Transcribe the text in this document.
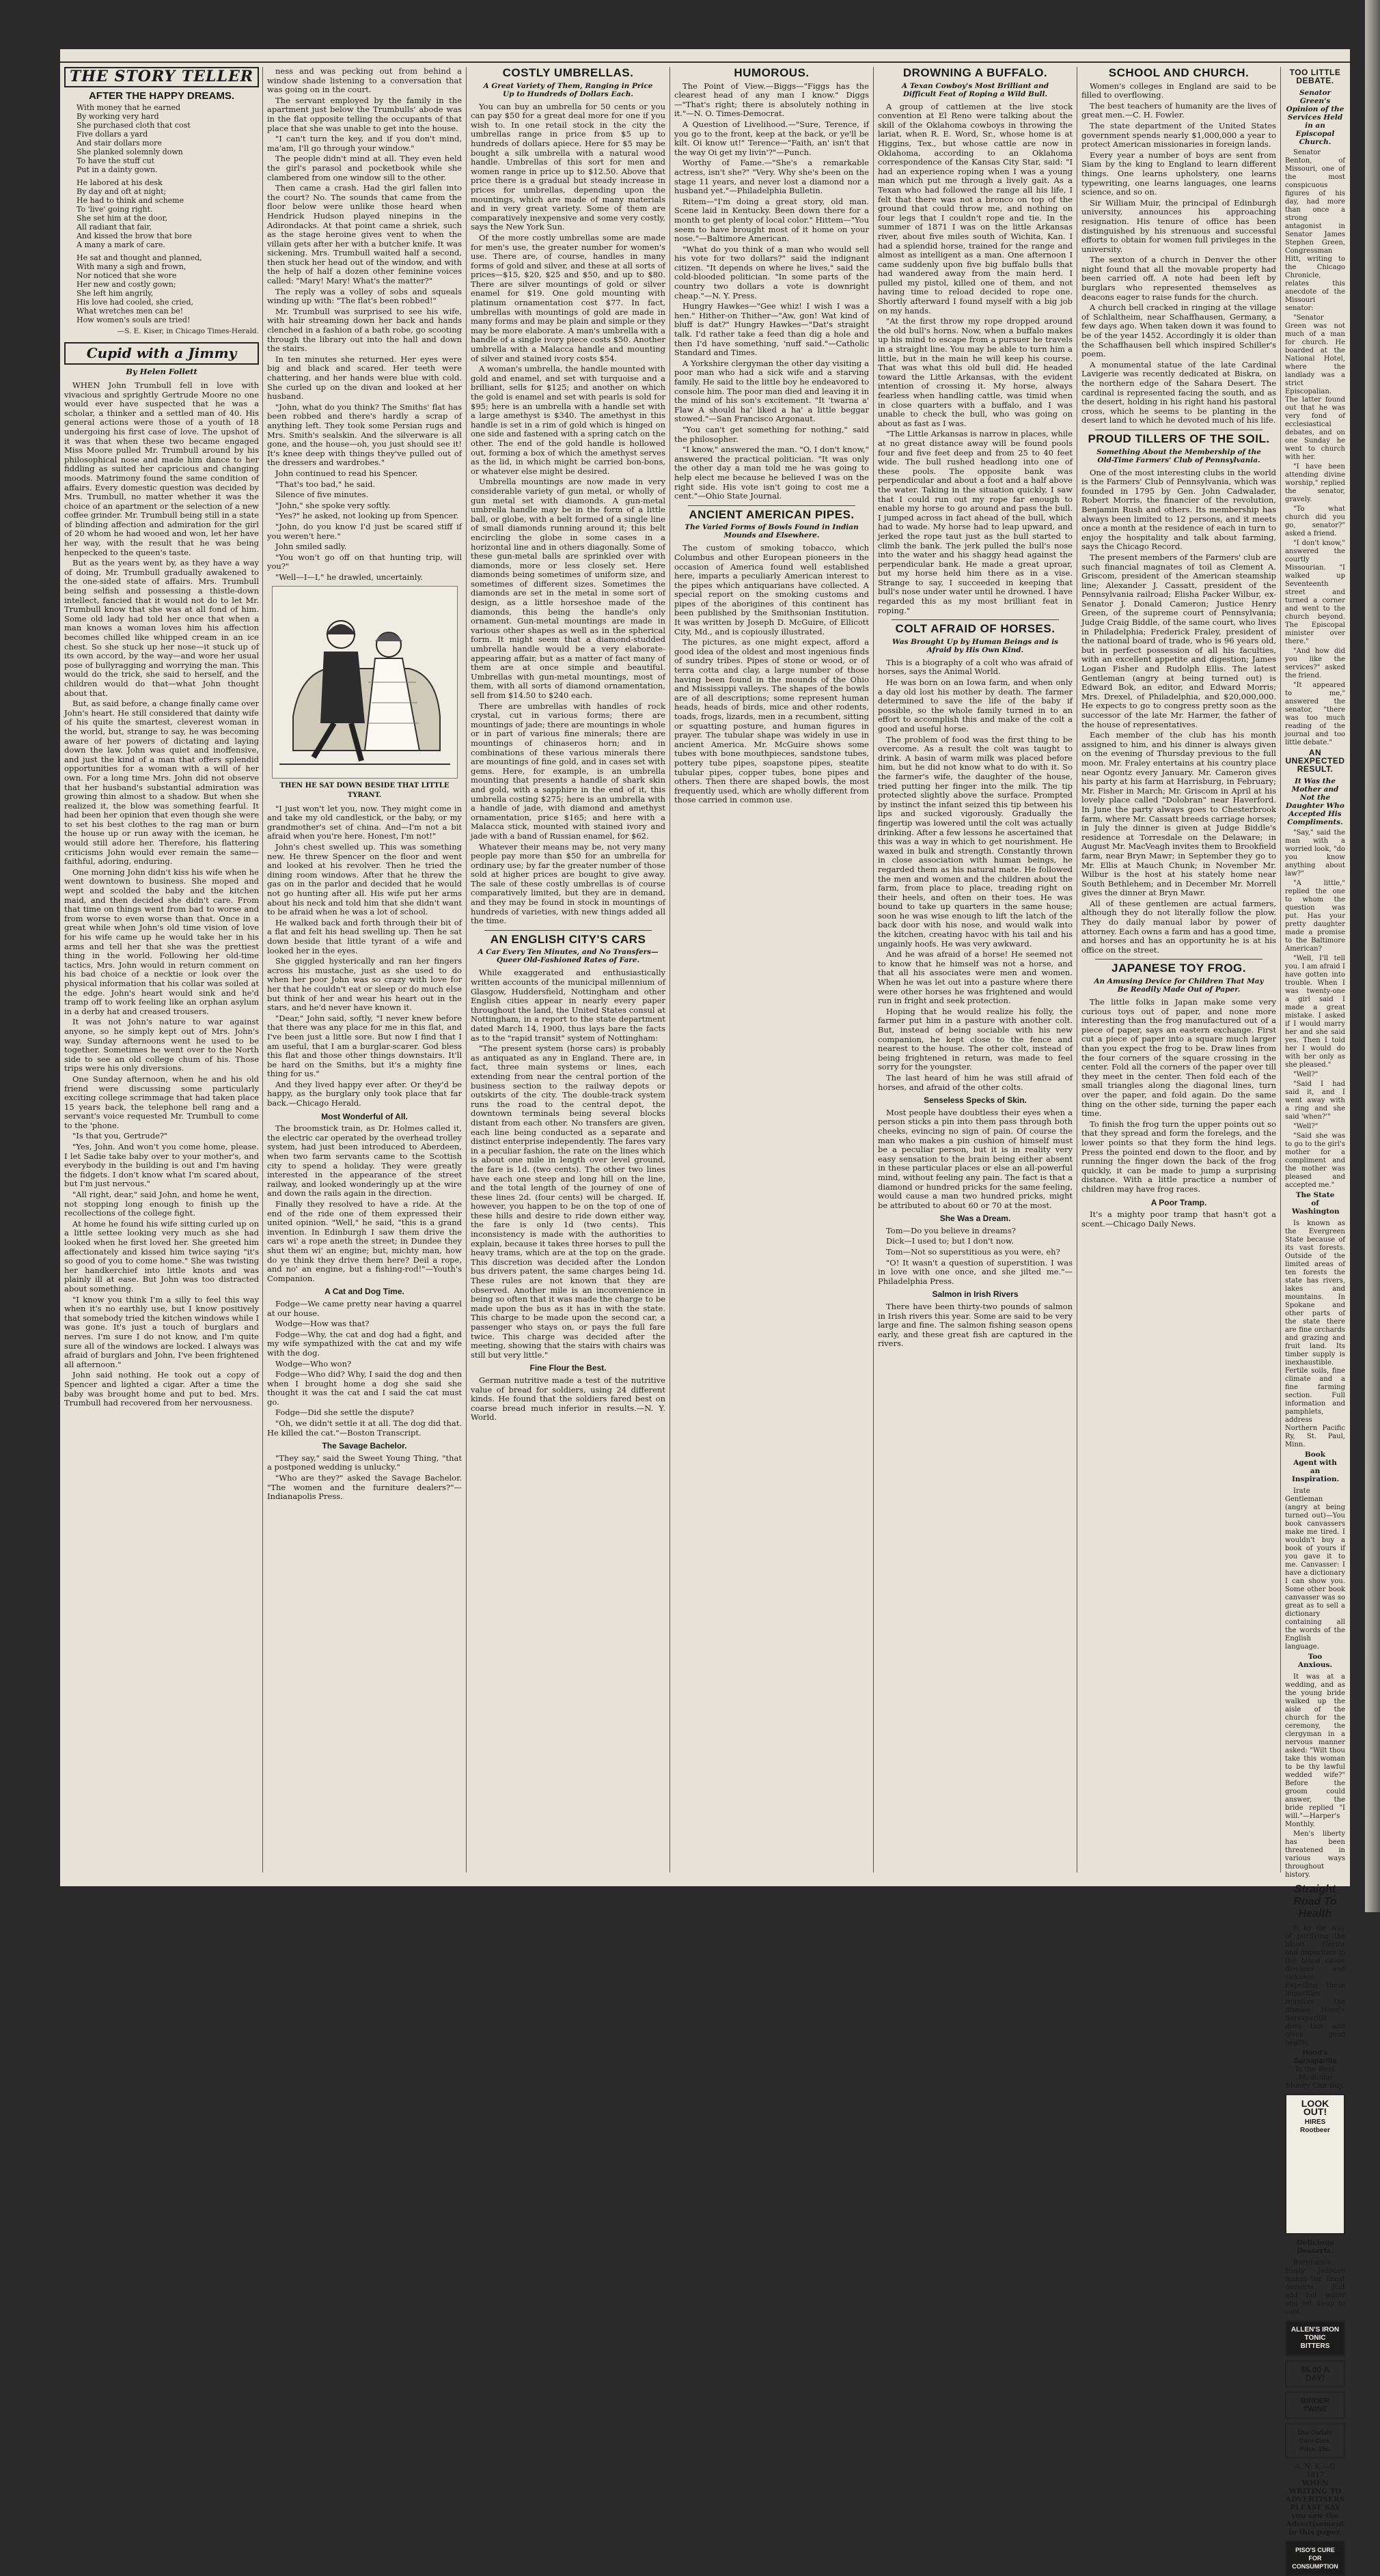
THE STORY TELLER
AFTER THE HAPPY DREAMS.
With money that he earned
By working very hard
She purchased cloth that cost
Five dollars a yard
And stair dollars more
She planked solemnly down
To have the stuff cut
Put in a dainty gown.
He labored at his desk
By day and oft at night;
He had to think and scheme
To 'live' going right.
She set him at the door,
All radiant that fair,
And kissed the brow that bore
A many a mark of care.
He sat and thought and planned,
With many a sigh and frown,
Nor noticed that she wore
Her new and costly gown;
She left him angrily,
His love had cooled, she cried,
What wretches men can be!
How women's souls are tried!
—S. E. Kiser, in Chicago Times-Herald.
Cupid with a Jimmy
By Helen Follett

WHEN John Trumbull fell in love with vivacious and sprightly Gertrude Moore no one would ever have suspected that he was a scholar, a thinker and a settled man of 40. His general actions were those of a youth of 18 undergoing his first case of love. The upshot of it was that when these two became engaged Miss Moore pulled Mr. Trumbull around by his philosophical nose and made him dance to her fiddling as suited her capricious and changing moods. Matrimony found the same condition of affairs. Every domestic question was decided by Mrs. Trumbull, no matter whether it was the choice of an apartment or the selection of a new coffee grinder. Mr. Trumbull being still in a state of blinding affection and admiration for the girl of 20 whom he had wooed and won, let her have her way, with the result that he was being henpecked to the queen's taste.

But as the years went by, as they have a way of doing, Mr. Trumbull gradually awakened to the one-sided state of affairs. Mrs. Trumbull being selfish and possessing a thistle-down intellect, fancied that it would not do to let Mr. Trumbull know that she was at all fond of him. Some old lady had told her once that when a man knows a woman loves him his affection becomes chilled like whipped cream in an ice chest. So she stuck up her nose—it stuck up of its own accord, by the way—and wore her usual pose of bullyragging and worrying the man. This would do the trick, she said to herself, and the children would do that—what John thought about that.

But, as said before, a change finally came over John's heart. He still considered that dainty wife of his quite the smartest, cleverest woman in the world, but, strange to say, he was becoming aware of her powers of dictating and laying down the law. John was quiet and inoffensive, and just the kind of a man that offers splendid opportunities for a woman with a will of her own. For a long time Mrs. John did not observe that her husband's substantial admiration was growing thin almost to a shadow. But when she realized it, the blow was something fearful. It had been her opinion that even though she were to set his best clothes to the rag man or burn the house up or run away with the iceman, he would still adore her. Therefore, his flattering criticisms John would ever remain the same—faithful, adoring, enduring.

One morning John didn't kiss his wife when he went downtown to business. She moped and wept and scolded the baby and the kitchen maid, and then decided she didn't care. From that time on things went from bad to worse and from worse to even worse than that. Once in a great while when John's old time vision of love for his wife came up he would take her in his arms and tell her that she was the prettiest thing in the world. Following her old-time tactics, Mrs. John would in return comment on his bad choice of a necktie or look over the physical information that his collar was soiled at the edge. John's heart would sink and he'd tramp off to work feeling like an orphan asylum in a derby hat and creased trousers.

It was not John's nature to war against anyone, so he simply kept out of Mrs. John's way. Sunday afternoons went he used to be together. Sometimes he went over to the North side to see an old college chum of his. Those trips were his only diversions.

One Sunday afternoon, when he and his old friend were discussing some particularly exciting college scrimmage that had taken place 15 years back, the telephone bell rang and a servant's voice requested Mr. Trumbull to come to the 'phone.

"Is that you, Gertrude?"

"Yes, John. And won't you come home, please. I let Sadie take baby over to your mother's, and everybody in the building is out and I'm having the fidgets. I don't know what I'm scared about, but I'm just nervous."

"All right, dear," said John, and home he went, not stopping long enough to finish up the recollections of the college fight.

At home he found his wife sitting curled up on a little settee looking very much as she had looked when he first loved her. She greeted him affectionately and kissed him twice saying "it's so good of you to come home." She was twisting her handkerchief into little knots and was plainly ill at ease. But John was too distracted about something.

"I know you think I'm a silly to feel this way when it's no earthly use, but I know positively that somebody tried the kitchen windows while I was gone. It's just a touch of burglars and nerves. I'm sure I do not know, and I'm quite sure all of the windows are locked. I always was afraid of burglars and John, I've been frightened all afternoon."

John said nothing. He took out a copy of Spencer and lighted a cigar. After a time the baby was brought home and put to bed. Mrs. Trumbull had recovered from her nervousness.

ness and was pecking out from behind a window shade listening to a conversation that was going on in the court.

The servant employed by the family in the apartment just below the Trumbulls' abode was in the flat opposite telling the occupants of that place that she was unable to get into the house.

"I can't turn the key, and if you don't mind, ma'am, I'll go through your window."

The people didn't mind at all. They even held the girl's parasol and pocketbook while she clambered from one window sill to the other.

Then came a crash. Had the girl fallen into the court? No. The sounds that came from the floor below were unlike those heard when Hendrick Hudson played ninepins in the Adirondacks. At that point came a shriek, such as the stage heroine gives vent to when the villain gets after her with a butcher knife. It was sickening. Mrs. Trumbull waited half a second, then stuck her head out of the window, and with the help of half a dozen other feminine voices called: "Mary! Mary! What's the matter?"

The reply was a volley of sobs and squeals winding up with: "The flat's been robbed!"

Mr. Trumbull was surprised to see his wife, with hair streaming down her back and hands clenched in a fashion of a bath robe, go scooting through the library out into the hall and down the stairs.

In ten minutes she returned. Her eyes were big and black and scared. Her teeth were chattering, and her hands were blue with cold. She curled up on the divan and looked at her husband.

"John, what do you think? The Smiths' flat has been robbed and there's hardly a scrap of anything left. They took some Persian rugs and Mrs. Smith's sealskin. And the silverware is all gone, and the house—oh, you just should see it! It's knee deep with things they've pulled out of the dressers and wardrobes."

John continued to read his Spencer.

"That's too bad," he said.

Silence of five minutes.

"John," she spoke very softly.

"Yes?" he asked, not looking up from Spencer.

"John, do you know I'd just be scared stiff if you weren't here."

John smiled sadly.

"You won't go off on that hunting trip, will you?"

"Well—I—I," he drawled, uncertainly.

THEN HE SAT DOWN BESIDE THAT LITTLE TYRANT.

"I just won't let you, now. They might come in and take my old candlestick, or the baby, or my grandmother's set of china. And—I'm not a bit afraid when you're here. Honest, I'm not!"

John's chest swelled up. This was something new. He threw Spencer on the floor and went and looked at his revolver. Then he tried the dining room windows. After that he threw the gas on in the parlor and decided that he would not go hunting after all. His wife put her arms about his neck and told him that she didn't want to be afraid when he was a lot of school.

He walked back and forth through their bit of a flat and felt his head swelling up. Then he sat down beside that little tyrant of a wife and looked her in the eyes.

She giggled hysterically and ran her fingers across his mustache, just as she used to do when her poor John was so crazy with love for her that he couldn't eat or sleep or do much else but think of her and wear his heart out in the stars, and he'd never have known it.

"Dear," John said, softly, "I never knew before that there was any place for me in this flat, and I've been just a little sore. But now I find that I am useful, that I am a burglar-scarer. God bless this flat and those other things downstairs. It'll be hard on the Smiths, but it's a mighty fine thing for us."

And they lived happy ever after. Or they'd be happy, as the burglary only took place that far back.—Chicago Herald.

Most Wonderful of All.

The broomstick train, as Dr. Holmes called it, the electric car operated by the overhead trolley system, had just been introduced to Aberdeen, when two farm servants came to the Scottish city to spend a holiday. They were greatly interested in the appearance of the street railway, and looked wonderingly up at the wire and down the rails again in the direction.

Finally they resolved to have a ride. At the end of the ride one of them expressed their united opinion. "Well," he said, "this is a grand invention. In Edinburgh I saw them drive the cars wi' a rope aneth the street; in Dundee they shut them wi' an engine; but, michty man, how do ye think they drive them here? Deil a rope, and no' an engine, but a fishing-rod!"—Youth's Companion.

A Cat and Dog Time.

Fodge—We came pretty near having a quarrel at our house.

Wodge—How was that?

Fodge—Why, the cat and dog had a fight, and my wife sympathized with the cat and my wife with the dog.

Wodge—Who won?

Fodge—Who did? Why, I said the dog and then when I brought home a dog she said she thought it was the cat and I said the cat must go.

Fodge—Did she settle the dispute?

"Oh, we didn't settle it at all. The dog did that. He killed the cat."—Boston Transcript.

The Savage Bachelor.

"They say," said the Sweet Young Thing, "that a postponed wedding is unlucky."

"Who are they?" asked the Savage Bachelor. "The women and the furniture dealers?"—Indianapolis Press.

COSTLY UMBRELLAS.
A Great Variety of Them, Ranging in Price Up to Hundreds of Dollars Each.

You can buy an umbrella for 50 cents or you can pay $50 for a great deal more for one if you wish to. In one retail stock in the city the umbrellas range in price from $5 up to hundreds of dollars apiece. Here for $5 may be bought a silk umbrella with a natural wood handle. Umbrellas of this sort for men and women range in price up to $12.50. Above that price there is a gradual but steady increase in prices for umbrellas, depending upon the mountings, which are made of many materials and in very great variety. Some of them are comparatively inexpensive and some very costly, says the New York Sun.

Of the more costly umbrellas some are made for men's use, the greater number for women's use. There are, of course, handles in many forms of gold and silver, and these at all sorts of prices—$15, $20, $25 and $50, and up to $80. There are silver mountings of gold or silver enamel for $19. One gold mounting with platinum ornamentation cost $77. In fact, umbrellas with mountings of gold are made in many forms and may be plain and simple or they may be more elaborate. A man's umbrella with a handle of a single ivory piece costs $50. Another umbrella with a Malacca handle and mounting of silver and stained ivory costs $54.

A woman's umbrella, the handle mounted with gold and enamel, and set with turquoise and a brilliant, sells for $125; and another on which the gold is enamel and set with pearls is sold for $95; here is an umbrella with a handle set with a large amethyst is $340. The amethyst in this handle is set in a rim of gold which is hinged on one side and fastened with a spring catch on the other. The end of the gold handle is hollowed out, forming a box of which the amethyst serves as the lid, in which might be carried bon-bons, or whatever else might be desired.

Umbrella mountings are now made in very considerable variety of gun metal, or wholly of gun metal set with diamonds. A gun-metal umbrella handle may be in the form of a little ball, or globe, with a belt formed of a single line of small diamonds running around it; this belt encircling the globe in some cases in a horizontal line and in others diagonally. Some of these gun-metal balls are sprinkled over with diamonds, more or less closely set. Here diamonds being sometimes of uniform size, and sometimes of different sizes. Sometimes the diamonds are set in the metal in some sort of design, as a little horseshoe made of the diamonds, this being the handle's only ornament. Gun-metal mountings are made in various other shapes as well as in the spherical form. It might seem that a diamond-studded umbrella handle would be a very elaborate-appearing affair, but as a matter of fact many of them are at once simple and beautiful. Umbrellas with gun-metal mountings, most of them, with all sorts of diamond ornamentation, sell from $14.50 to $240 each.

There are umbrellas with handles of rock crystal, cut in various forms; there are mountings of jade; there are mountings in whole or in part of various fine minerals; there are mountings of chinaseros horn; and in combinations of these various minerals there are mountings of fine gold, and in cases set with gems. Here, for example, is an umbrella mounting that presents a handle of shark skin and gold, with a sapphire in the end of it, this umbrella costing $275; here is an umbrella with a handle of jade, with diamond and amethyst ornamentation, price $165; and here with a Malacca stick, mounted with stained ivory and jade with a band of Russian enamel, for $62.

Whatever their means may be, not very many people pay more than $50 for an umbrella for ordinary use; by far the greater number of those sold at higher prices are bought to give away. The sale of these costly umbrellas is of course comparatively limited, but they are in demand, and they may be found in stock in mountings of hundreds of varieties, with new things added all the time.

AN ENGLISH CITY'S CARS
A Car Every Ten Minutes, and No Transfers—Queer Old-Fashioned Rates of Fare.

While exaggerated and enthusiastically written accounts of the municipal millennium of Glasgow, Huddersfield, Nottingham and other English cities appear in nearly every paper throughout the land, the United States consul at Nottingham, in a report to the state department dated March 14, 1900, thus lays bare the facts as to the "rapid transit" system of Nottingham:

"The present system (horse cars) is probably as antiquated as any in England. There are, in fact, three main systems or lines, each extending from near the central portion of the business section to the railway depots or outskirts of the city. The double-track system runs the road to the central depot, the downtown terminals being several blocks distant from each other. No transfers are given, each line being conducted as a separate and distinct enterprise independently. The fares vary in a peculiar fashion, the rate on the lines which is about one mile in length over level ground, the fare is 1d. (two cents). The other two lines have each one steep and long hill on the line, and the total length of the journey of one of these lines 2d. (four cents) will be charged. If, however, you happen to be on the top of one of these hills and desire to ride down either way, the fare is only 1d (two cents). This inconsistency is made with the authorities to explain, because it takes three horses to pull the heavy trams, which are at the top on the grade. This discretion was decided after the London bus drivers patent, the same charges being 1d. These rules are not known that they are observed. Another mile is an inconvenience in being so often that it was made the charge to be made upon the bus as it has in with the state. This charge to be made upon the second car, a passenger who stays on, or pays the full fare twice. This charge was decided after the meeting, showing that the stairs with chairs was still but very little."

Fine Flour the Best.

German nutritive made a test of the nutritive value of bread for soldiers, using 24 different kinds. He found that the soldiers fared best on coarse bread much inferior in results.—N. Y. World.

HUMOROUS.

The Point of View.—Biggs—"Figgs has the clearest head of any man I know." Diggs—"That's right; there is absolutely nothing in it."—N. O. Times-Democrat.

A Question of Livelihood.—"Sure, Terence, if you go to the front, keep at the back, or ye'll be kilt. Oi know ut!" Terence—"Faith, an' isn't that the way Oi get my livin'?"—Punch.

Worthy of Fame.—"She's a remarkable actress, isn't she?" "Very. Why she's been on the stage 11 years, and never lost a diamond nor a husband yet."—Philadelphia Bulletin.

Ritem—"I'm doing a great story, old man. Scene laid in Kentucky. Been down there for a month to get plenty of local color." Hittem—"You seem to have brought most of it home on your nose."—Baltimore American.

"What do you think of a man who would sell his vote for two dollars?" said the indignant citizen. "It depends on where he lives," said the cold-blooded politician. "In some parts of the country two dollars a vote is downright cheap."—N. Y. Press.

Hungry Hawkes—"Gee whiz! I wish I was a hen." Hither-on Thither—"Aw, gon! Wat kind of bluff is dat?" Hungry Hawkes—"Dat's straight talk. I'd rather take a feed than dig a hole and then I'd have something, 'nuff said."—Catholic Standard and Times.

A Yorkshire clergyman the other day visiting a poor man who had a sick wife and a starving family. He said to the little boy he endeavored to console him. The poor man died and leaving it in the mind of his son's excitement. "It 'twarna a' Flaw A should ha' liked a ha' a little beggar stowed."—San Francisco Argonaut.

"You can't get something for nothing," said the philosopher.

"I know," answered the man. "O, I don't know," answered the practical politician. "It was only the other day a man told me he was going to help elect me because he believed I was on the right side. His vote isn't going to cost me a cent."—Ohio State Journal.

ANCIENT AMERICAN PIPES.
The Varied Forms of Bowls Found in Indian Mounds and Elsewhere.

The custom of smoking tobacco, which Columbus and other European pioneers in the occasion of America found well established here, imparts a peculiarly American interest to the pipes which antiquarians have collected. A special report on the smoking customs and pipes of the aborigines of this continent has been published by the Smithsonian Institution. It was written by Joseph D. McGuire, of Ellicott City, Md., and is copiously illustrated.

The pictures, as one might expect, afford a good idea of the oldest and most ingenious finds of sundry tribes. Pipes of stone or wood, or of terra cotta and clay, a large number of those having been found in the mounds of the Ohio and Mississippi valleys. The shapes of the bowls are of all descriptions; some represent human heads, heads of birds, mice and other rodents, toads, frogs, lizards, men in a recumbent, sitting or squatting posture, and human figures in prayer. The tubular shape was widely in use in ancient America. Mr. McGuire shows some tubes with bone mouthpieces, sandstone tubes, pottery tube pipes, soapstone pipes, steatite tubular pipes, copper tubes, bone pipes and others. Then there are shaped bowls, the most frequently used, which are wholly different from those carried in common use.

DROWNING A BUFFALO.
A Texan Cowboy's Most Brilliant and Difficult Feat of Roping a Wild Bull.

A group of cattlemen at the live stock convention at El Reno were talking about the skill of the Oklahoma cowboys in throwing the lariat, when R. E. Word, Sr., whose home is at Higgins, Tex., but whose cattle are now in Oklahoma, according to an Oklahoma correspondence of the Kansas City Star, said: "I had an experience roping when I was a young man which put me through a lively gait. As a Texan who had followed the range all his life, I felt that there was not a bronco on top of the ground that could throw me, and nothing on four legs that I couldn't rope and tie. In the summer of 1871 I was on the little Arkansas river, about five miles south of Wichita, Kan. I had a splendid horse, trained for the range and almost as intelligent as a man. One afternoon I came suddenly upon five big buffalo bulls that had wandered away from the main herd. I pulled my pistol, killed one of them, and not having time to reload decided to rope one. Shortly afterward I found myself with a big job on my hands.

"At the first throw my rope dropped around the old bull's horns. Now, when a buffalo makes up his mind to escape from a pursuer he travels in a straight line. You may be able to turn him a little, but in the main he will keep his course. That was what this old bull did. He headed toward the Little Arkansas, with the evident intention of crossing it. My horse, always fearless when handling cattle, was timid when in close quarters with a buffalo, and I was unable to check the bull, who was going on about as fast as I was.

"The Little Arkansas is narrow in places, while at no great distance away will be found pools four and five feet deep and from 25 to 40 feet wide. The bull rushed headlong into one of these pools. The opposite bank was perpendicular and about a foot and a half above the water. Taking in the situation quickly, I saw that I could run out my rope far enough to enable my horse to go around and pass the bull. I jumped across in fact ahead of the bull, which had to wade. My horse had to leap upward, and jerked the rope taut just as the bull started to climb the bank. The jerk pulled the bull's nose into the water and his shaggy head against the perpendicular bank. He made a great uproar, but my horse held him there as in a vise. Strange to say, I succeeded in keeping that bull's nose under water until he drowned. I have regarded this as my most brilliant feat in roping."

COLT AFRAID OF HORSES.
Was Brought Up by Human Beings and is Afraid by His Own Kind.

This is a biography of a colt who was afraid of horses, says the Animal World.

He was born on an Iowa farm, and when only a day old lost his mother by death. The farmer determined to save the life of the baby if possible, so the whole family turned in to an effort to accomplish this and make of the colt a good and useful horse.

The problem of food was the first thing to be overcome. As a result the colt was taught to drink. A basin of warm milk was placed before him, but he did not know what to do with it. So the farmer's wife, the daughter of the house, tried putting her finger into the milk. The tip protected slightly above the surface. Prompted by instinct the infant seized this tip between his lips and sucked vigorously. Gradually the fingertip was lowered until the colt was actually drinking. After a few lessons he ascertained that this was a way in which to get nourishment. He waxed in bulk and strength. Constantly thrown in close association with human beings, he regarded them as his natural mate. He followed the men and women and the children about the farm, from place to place, treading right on their heels, and often on their toes. He was bound to take up quarters in the same house; soon he was wise enough to lift the latch of the back door with his nose, and would walk into the kitchen, creating havoc with his tail and his ungainly hoofs. He was very awkward.

And he was afraid of a horse! He seemed not to know that he himself was not a horse, and that all his associates were men and women. When he was let out into a pasture where there were other horses he was frightened and would run in fright and seek protection.

Hoping that he would realize his folly, the farmer put him in a pasture with another colt. But, instead of being sociable with his new companion, he kept close to the fence and nearest to the house. The other colt, instead of being frightened in return, was made to feel sorry for the youngster.

The last heard of him he was still afraid of horses, and afraid of the other colts.

Senseless Specks of Skin.

Most people have doubtless their eyes when a person sticks a pin into them pass through both cheeks, evincing no sign of pain. Of course the man who makes a pin cushion of himself must be a peculiar person, but it is in reality very easy sensation to the brain being either absent in these particular places or else an all-powerful mind, without feeling any pain. The fact is that a diamond or hundred pricks for the same feeling, would cause a man two hundred pricks, might be attributed to about 60 or 70 at the most.

She Was a Dream.

Tom—Do you believe in dreams?

Dick—I used to; but I don't now.

Tom—Not so superstitious as you were, eh?

"O! It wasn't a question of superstition. I was in love with one once, and she jilted me."—Philadelphia Press.

Salmon in Irish Rivers

There have been thirty-two pounds of salmon in Irish rivers this year. Some are said to be very large and fine. The salmon fishing season opens early, and these great fish are captured in the rivers.

SCHOOL AND CHURCH.

Women's colleges in England are said to be filled to overflowing.

The best teachers of humanity are the lives of great men.—C. H. Fowler.

The state department of the United States government spends nearly $1,000,000 a year to protect American missionaries in foreign lands.

Every year a number of boys are sent from Siam by the king to England to learn different things. One learns upholstery, one learns typewriting, one learns languages, one learns science, and so on.

Sir William Muir, the principal of Edinburgh university, announces his approaching resignation. His tenure of office has been distinguished by his strenuous and successful efforts to obtain for women full privileges in the university.

The sexton of a church in Denver the other night found that all the movable property had been carried off. A note had been left by burglars who represented themselves as deacons eager to raise funds for the church.

A church bell cracked in ringing at the village of Schlaltheim, near Schaffhausen, Germany, a few days ago. When taken down it was found to be of the year 1452. Accordingly it is older than the Schaffhausen bell which inspired Schiller's poem.

A monumental statue of the late Cardinal Lavigerie was recently dedicated at Biskra, on the northern edge of the Sahara Desert. The cardinal is represented facing the south, and as the desert, holding in his right hand his pastoral cross, which he seems to be planting in the desert land to which he devoted much of his life.

PROUD TILLERS OF THE SOIL.
Something About the Membership of the Old-Time Farmers' Club of Pennsylvania.

One of the most interesting clubs in the world is the Farmers' Club of Pennsylvania, which was founded in 1795 by Gen. John Cadwalader, Robert Morris, the financier of the revolution, Benjamin Rush and others. Its membership has always been limited to 12 persons, and it meets once a month at the residence of each in turn to enjoy the hospitality and talk about farming, says the Chicago Record.

The present members of the Farmers' club are such financial magnates of toil as Clement A. Griscom, president of the American steamship line; Alexander J. Cassatt, president of the Pennsylvania railroad; Elisha Packer Wilbur, ex-Senator J. Donald Cameron; Justice Henry Green, of the supreme court of Pennsylvania; Judge Craig Biddle, of the same court, who lives in Philadelphia; Frederick Fraley, president of the national board of trade, who is 96 years old, but in perfect possession of all his faculties, with an excellent appetite and digestion; James Logan Fisher and Rudolph Ellis. The latest Gentleman (angry at being turned out) is Edward Bok, an editor, and Edward Morris; Mrs. Drexel, of Philadelphia, and $20,000,000. He expects to go to congress pretty soon as the successor of the late Mr. Harmer, the father of the house of representatives.

Each member of the club has his month assigned to him, and his dinner is always given on the evening of Thursday previous to the full moon. Mr. Fraley entertains at his country place near Ogontz every January. Mr. Cameron gives his party at his farm at Harrisburg, in February; Mr. Fisher in March; Mr. Griscom in April at his lovely place called "Dolobran" near Haverford. In June the party always goes to Chesterbrook farm, where Mr. Cassatt breeds carriage horses; in July the dinner is given at Judge Biddle's residence at Torresdale on the Delaware; in August Mr. MacVeagh invites them to Brookfield farm, near Bryn Mawr; in September they go to Mr. Ellis at Mauch Chunk; in November Mr. Wilbur is the host at his stately home near South Bethlehem; and in December Mr. Morrell gives the dinner at Bryn Mawr.

All of these gentlemen are actual farmers, although they do not literally follow the plow. They do daily manual labor by power of attorney. Each owns a farm and has a good time, and horses and has an opportunity he is at his office on the street.

JAPANESE TOY FROG.
An Amusing Device for Children That May Be Readily Made Out of Paper.

The little folks in Japan make some very curious toys out of paper, and none more interesting than the frog manufactured out of a piece of paper, says an eastern exchange. First cut a piece of paper into a square much larger than you expect the frog to be. Draw lines from the four corners of the square crossing in the center. Fold all the corners of the paper over till they meet in the center. Then fold each of the small triangles along the diagonal lines, turn over the paper, and fold again. Do the same thing on the other side, turning the paper each time.

To finish the frog turn the upper points out so that they spread and form the forelegs, and the lower points so that they form the hind legs. Press the pointed end down to the floor, and by running the finger down the back of the frog quickly, it can be made to jump a surprising distance. With a little practice a number of children may have frog races.

A Poor Tramp.

It's a mighty poor tramp that hasn't got a scent.—Chicago Daily News.

TOO LITTLE DEBATE.
Senator Green's Opinion of the Services Held in an Episcopal Church.

Senator Benton, of Missouri, one of the most conspicuous figures of his day, had more than once a strong antagonist in Senator James Stephen Green, Congressman Hitt, writing to the Chicago Chronicle, relates this anecdote of the Missouri senator:

"Senator Green was not much of a man for church. He boarded at the National Hotel, where the landlady was a strict Episcopalian. The latter found out that he was very fond of ecclesiastical debates, and on one Sunday he went to church with her.

"I have been attending divine worship," replied the senator, gravely.

"To what church did you go, senator?" asked a friend.

"I don't know," answered the courtly Missourian. "I walked up Seventeenth street and turned a corner and went to the church beyond. The Episcopal minister over there."

"And how did you like the services?" asked the friend.

"It appeared to me," answered the senator, "there was too much reading of the journal and too little debate."

AN UNEXPECTED RESULT.
It Was the Mother and Not the Daughter Who Accepted His Compliments.

"Say," said the man with a worried look, "do you know anything about law?"

"A little," replied the one to whom the question was put. Has your pretty daughter made a promise to the Baltimore American?

"Well, I'll tell you. I am afraid I have gotten into trouble. When I was twenty-one a girl said I made a great mistake. I asked if I would marry her and she said yes. Then I told her I would do with her only as she pleased."

"Well?"

"Said I had said it, and I went away with a ring and she said 'when?'"

"Well?"

"Said she was to go to the girl's mother for a compliment and the mother was pleased and accepted me."

The State of Washington

Is known as the Evergreen State because of its vast forests. Outside of the limited areas of ten forests the state has rivers, lakes and mountains. In Spokane and other parts of the state there are fine orchards and grazing and fruit land. Its timber supply is inexhaustible. Fertile soils, fine climate and a fine farming section. Full information and pamphlets, address Northern Pacific Ry, St. Paul, Minn.

Book Agent with an Inspiration.

Irate Gentleman (angry at being turned out)—You book canvassers make me tired. I wouldn't buy a book of yours if you gave it to me. Canvasser: I have a dictionary I can show you. Some other book canvasser was so great as to sell a dictionary containing all the words of the English language.

Too Anxious.

It was at a wedding, and as the young bride walked up the aisle of the church for the ceremony, the clergyman in a nervous manner asked: "Wilt thou take this woman to be thy lawful wedded wife?" Before the groom could answer, the bride replied "I will."—Harper's Monthly.

Men's liberty has been threatened in various ways throughout history.

Straight Road To Health

Is by the way of purifying the blood. Germs and impurities in the blood cause diseases and sickness. Expelling these impurities removes the disease. Hood's Sarsaparilla does this and gives good health.

Hood's Sarsaparilla
Is the Best Medicine Money Can Buy.
LOOK OUT!
HIRES Rootbeer
Delicious Desserts.

Burnham's Hasty Jellycon makes the finest desserts. Just add hot water and set away to cool.

ALLEN'S IRON TONIC BITTERS
$5.00 A DAY!
BINDER TWINE
Use Certain Corn Cure. Price, 15c.
A. N. K.—G 1817
WHEN WRITING TO ADVERTISERS PLEASE SAY you saw the Advertisement in this paper.
PISO'S CURE FOR CONSUMPTION
